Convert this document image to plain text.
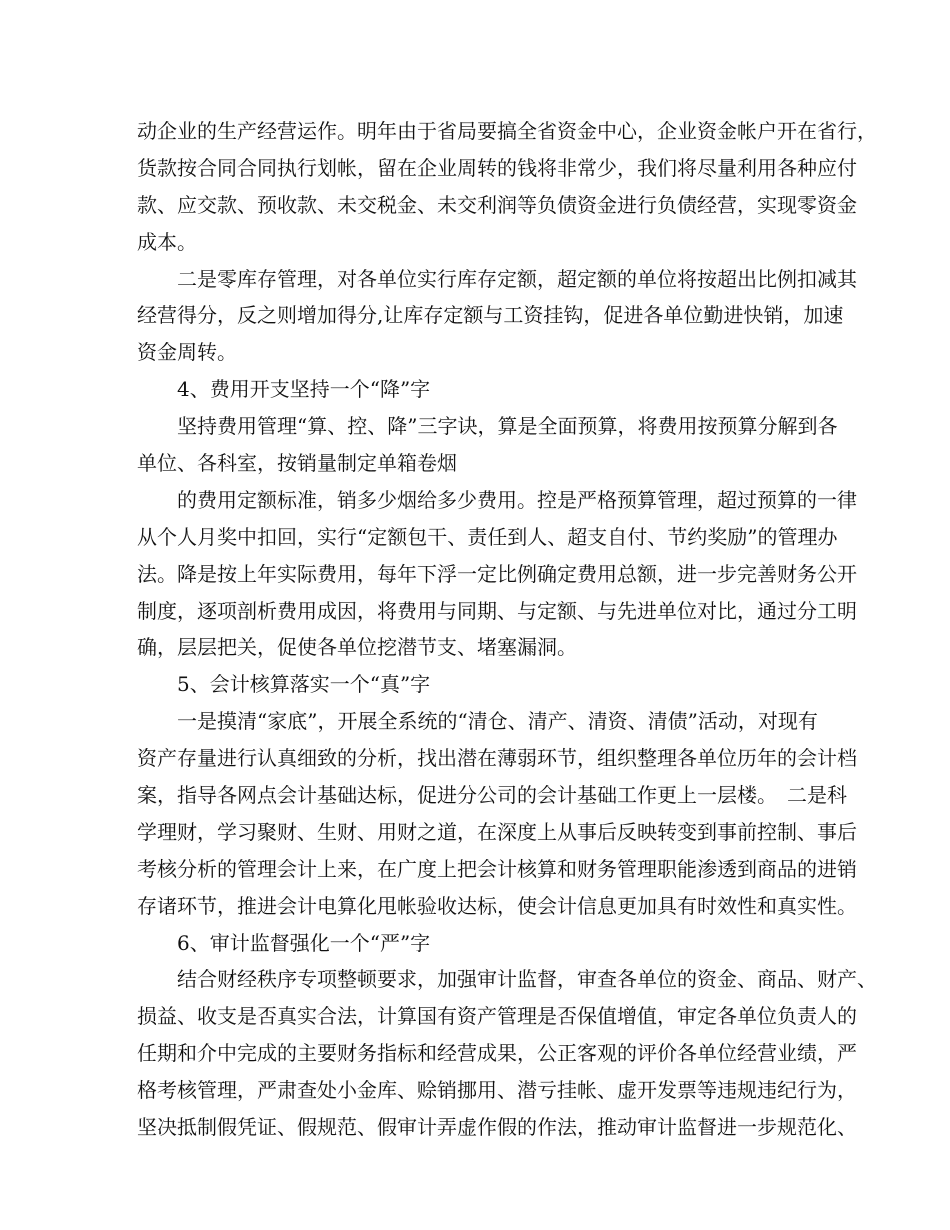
动企业的生产经营运作。明年由于省局要搞全省资金中心，企业资金帐户开在省行，
货款按合同合同执行划帐，留在企业周转的钱将非常少，我们将尽量利用各种应付
款、应交款、预收款、未交税金、未交利润等负债资金进行负债经营，实现零资金
成本。
　　二是零库存管理，对各单位实行库存定额，超定额的单位将按超出比例扣减其
经营得分，反之则增加得分,让库存定额与工资挂钩，促进各单位勤进快销，加速
资金周转。
　　4、费用开支坚持一个“降”字
　　坚持费用管理“算、控、降”三字诀，算是全面预算，将费用按预算分解到各
单位、各科室，按销量制定单箱卷烟
　　的费用定额标准，销多少烟给多少费用。控是严格预算管理，超过预算的一律
从个人月奖中扣回，实行“定额包干、责任到人、超支自付、节约奖励”的管理办
法。降是按上年实际费用，每年下浮一定比例确定费用总额，进一步完善财务公开
制度，逐项剖析费用成因，将费用与同期、与定额、与先进单位对比，通过分工明
确，层层把关，促使各单位挖潜节支、堵塞漏洞。
　　5、会计核算落实一个“真”字
　　一是摸清“家底”，开展全系统的“清仓、清产、清资、清债”活动，对现有
资产存量进行认真细致的分析，找出潜在薄弱环节，组织整理各单位历年的会计档
案，指导各网点会计基础达标，促进分公司的会计基础工作更上一层楼。　二是科
学理财，学习聚财、生财、用财之道，在深度上从事后反映转变到事前控制、事后
考核分析的管理会计上来，在广度上把会计核算和财务管理职能渗透到商品的进销
存诸环节，推进会计电算化甩帐验收达标，使会计信息更加具有时效性和真实性。
　　6、审计监督强化一个“严”字
　　结合财经秩序专项整顿要求，加强审计监督，审查各单位的资金、商品、财产、
损益、收支是否真实合法，计算国有资产管理是否保值增值，审定各单位负责人的
任期和介中完成的主要财务指标和经营成果，公正客观的评价各单位经营业绩，严
格考核管理，严肃查处小金库、赊销挪用、潜亏挂帐、虚开发票等违规违纪行为，
坚决抵制假凭证、假规范、假审计弄虚作假的作法，推动审计监督进一步规范化、
